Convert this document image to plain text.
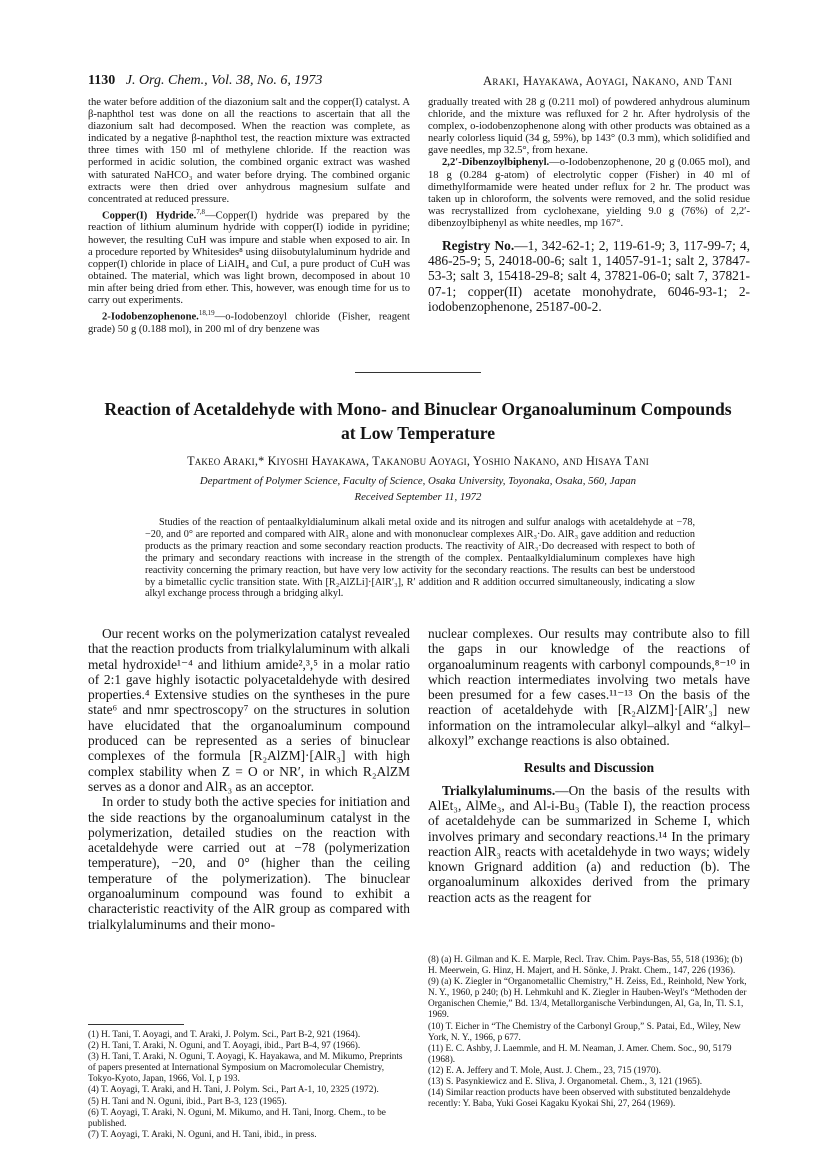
1130 J. Org. Chem., Vol. 38, No. 6, 1973	Araki, Hayakawa, Aoyagi, Nakano, and Tani

the water before addition of the diazonium salt and the copper(I) catalyst. A β-naphthol test was done on all the reactions to ascertain that all the diazonium salt had decomposed. When the reaction was complete, as indicated by a negative β-naphthol test, the reaction mixture was extracted three times with 150 ml of methylene chloride. If the reaction was performed in acidic solution, the combined organic extract was washed with saturated NaHCO₃ and water before drying. The combined organic extracts were then dried over anhydrous magnesium sulfate and concentrated at reduced pressure.

Copper(I) Hydride.$^{7,8}$—Copper(I) hydride was prepared by the reaction of lithium aluminum hydride with copper(I) iodide in pyridine; however, the resulting CuH was impure and stable when exposed to air. In a procedure reported by Whitesides⁸ using diisobutylaluminum hydride and copper(I) chloride in place of LiAlH₄ and CuI, a pure product of CuH was obtained. The material, which was light brown, decomposed in about 10 min after being dried from ether. This, however, was enough time for us to carry out experiments.

2-Iodobenzophenone.$^{18,19}$—o-Iodobenzoyl chloride (Fisher, reagent grade) 50 g (0.188 mol), in 200 ml of dry benzene was

gradually treated with 28 g (0.211 mol) of powdered anhydrous aluminum chloride, and the mixture was refluxed for 2 hr. After hydrolysis of the complex, o-iodobenzophenone along with other products was obtained as a nearly colorless liquid (34 g, 59%), bp 143° (0.3 mm), which solidified and gave needles, mp 32.5°, from hexane.

2,2′-Dibenzoylbiphenyl.—o-Iodobenzophenone, 20 g (0.065 mol), and 18 g (0.284 g-atom) of electrolytic copper (Fisher) in 40 ml of dimethylformamide were heated under reflux for 2 hr. The product was taken up in chloroform, the solvents were removed, and the solid residue was recrystallized from cyclohexane, yielding 9.0 g (76%) of 2,2′-dibenzoylbiphenyl as white needles, mp 167°.

Registry No.—1, 342-62-1; 2, 119-61-9; 3, 117-99-7; 4, 486-25-9; 5, 24018-00-6; salt 1, 14057-91-1; salt 2, 37847-53-3; salt 3, 15418-29-8; salt 4, 37821-06-0; salt 7, 37821-07-1; copper(II) acetate monohydrate, 6046-93-1; 2-iodobenzophenone, 25187-00-2.
Reaction of Acetaldehyde with Mono- and Binuclear Organoaluminum Compounds
at Low Temperature
Takeo Araki,* Kiyoshi Hayakawa, Takanobu Aoyagi, Yoshio Nakano, and Hisaya Tani
Department of Polymer Science, Faculty of Science, Osaka University, Toyonaka, Osaka, 560, Japan
Received September 11, 1972
Studies of the reaction of pentaalkyldialuminum alkali metal oxide and its nitrogen and sulfur analogs with acetaldehyde at −78, −20, and 0° are reported and compared with AlR₃ alone and with mononuclear complexes AlR₃·Do. AlR₃ gave addition and reduction products as the primary reaction and some secondary reaction products. The reactivity of AlR₃·Do decreased with respect to both of the primary and secondary reactions with increase in the strength of the complex. Pentaalkyldialuminum complexes have high reactivity concerning the primary reaction, but have very low activity for the secondary reactions. The results can best be understood by a bimetallic cyclic transition state. With [R₂AlZLi]·[AlR′₃], R′ addition and R addition occurred simultaneously, indicating a slow alkyl exchange process through a bridging alkyl.

Our recent works on the polymerization catalyst revealed that the reaction products from trialkylaluminum with alkali metal hydroxide¹⁻⁴ and lithium amide²,³,⁵ in a molar ratio of 2:1 gave highly isotactic polyacetaldehyde with desired properties.⁴ Extensive studies on the syntheses in the pure state⁶ and nmr spectroscopy⁷ on the structures in solution have elucidated that the organoaluminum compound produced can be represented as a series of binuclear complexes of the formula [R₂AlZM]·[AlR₃] with high complex stability when Z = O or NR′, in which R₂AlZM serves as a donor and AlR₃ as an acceptor.

In order to study both the active species for initiation and the side reactions by the organoaluminum catalyst in the polymerization, detailed studies on the reaction with acetaldehyde were carried out at −78 (polymerization temperature), −20, and 0° (higher than the ceiling temperature of the polymerization). The binuclear organoaluminum compound was found to exhibit a characteristic reactivity of the AlR group as compared with trialkylaluminums and their mono-

nuclear complexes. Our results may contribute also to fill the gaps in our knowledge of the reactions of organoaluminum reagents with carbonyl compounds,⁸⁻¹⁰ in which reaction intermediates involving two metals have been presumed for a few cases.¹¹⁻¹³ On the basis of the reaction of acetaldehyde with [R₂AlZM]·[AlR′₃] new information on the intramolecular alkyl–alkyl and “alkyl–alkoxyl” exchange reactions is also obtained.

Results and Discussion

Trialkylaluminums.—On the basis of the results with AlEt₃, AlMe₃, and Al-i-Bu₃ (Table I), the reaction process of acetaldehyde can be summarized in Scheme I, which involves primary and secondary reactions.¹⁴ In the primary reaction AlR₃ reacts with acetaldehyde in two ways; widely known Grignard addition (a) and reduction (b). The organoaluminum alkoxides derived from the primary reaction acts as the reagent for

(1) H. Tani, T. Aoyagi, and T. Araki, J. Polym. Sci., Part B-2, 921 (1964).

(2) H. Tani, T. Araki, N. Oguni, and T. Aoyagi, ibid., Part B-4, 97 (1966).

(3) H. Tani, T. Araki, N. Oguni, T. Aoyagi, K. Hayakawa, and M. Mikumo, Preprints of papers presented at International Symposium on Macromolecular Chemistry, Tokyo-Kyoto, Japan, 1966, Vol. I, p 193.

(4) T. Aoyagi, T. Araki, and H. Tani, J. Polym. Sci., Part A-1, 10, 2325 (1972).

(5) H. Tani and N. Oguni, ibid., Part B-3, 123 (1965).

(6) T. Aoyagi, T. Araki, N. Oguni, M. Mikumo, and H. Tani, Inorg. Chem., to be published.

(7) T. Aoyagi, T. Araki, N. Oguni, and H. Tani, ibid., in press.

(8) (a) H. Gilman and K. E. Marple, Recl. Trav. Chim. Pays-Bas, 55, 518 (1936); (b) H. Meerwein, G. Hinz, H. Majert, and H. Sönke, J. Prakt. Chem., 147, 226 (1936).

(9) (a) K. Ziegler in “Organometallic Chemistry,” H. Zeiss, Ed., Reinhold, New York, N. Y., 1960, p 240; (b) H. Lehmkuhl and K. Ziegler in Hauben-Weyl's “Methoden der Organischen Chemie,” Bd. 13/4, Metallorganische Verbindungen, Al, Ga, In, Tl. S.1, 1969.

(10) T. Eicher in “The Chemistry of the Carbonyl Group,” S. Patai, Ed., Wiley, New York, N. Y., 1966, p 677.

(11) E. C. Ashby, J. Laemmle, and H. M. Neaman, J. Amer. Chem. Soc., 90, 5179 (1968).

(12) E. A. Jeffery and T. Mole, Aust. J. Chem., 23, 715 (1970).

(13) S. Pasynkiewicz and E. Sliva, J. Organometal. Chem., 3, 121 (1965).

(14) Similar reaction products have been observed with substituted benzaldehyde recently: Y. Baba, Yuki Gosei Kagaku Kyokai Shi, 27, 264 (1969).
